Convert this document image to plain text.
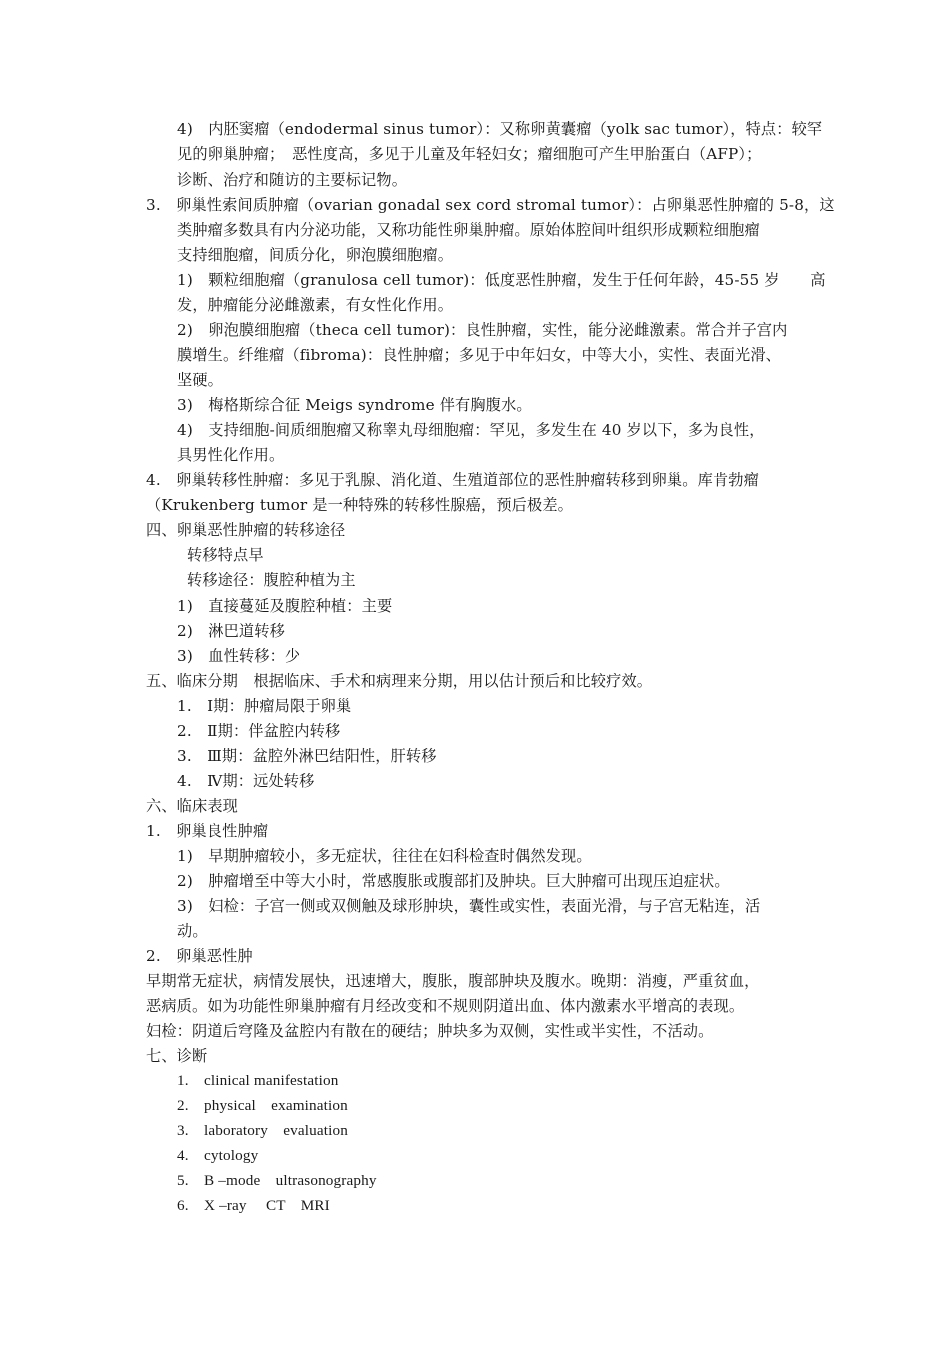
4)　内胚窦瘤（endodermal sinus tumor）：又称卵黄囊瘤（yolk sac tumor），特点：较罕
见的卵巢肿瘤；　恶性度高，多见于儿童及年轻妇女；瘤细胞可产生甲胎蛋白（AFP）；
诊断、治疗和随访的主要标记物。
3.　卵巢性索间质肿瘤（ovarian gonadal sex cord stromal tumor）：占卵巢恶性肿瘤的 5-8，这
类肿瘤多数具有内分泌功能，又称功能性卵巢肿瘤。原始体腔间叶组织形成颗粒细胞瘤
支持细胞瘤，间质分化，卵泡膜细胞瘤。
1)　颗粒细胞瘤（granulosa cell tumor)：低度恶性肿瘤，发生于任何年龄，45-55 岁　　高
发，肿瘤能分泌雌激素，有女性化作用。
2)　卵泡膜细胞瘤（theca cell tumor)：良性肿瘤，实性，能分泌雌激素。常合并子宫内
膜增生。纤维瘤（fibroma)：良性肿瘤；多见于中年妇女，中等大小，实性、表面光滑、
坚硬。
3)　梅格斯综合征 Meigs syndrome 伴有胸腹水。
4)　支持细胞-间质细胞瘤又称睾丸母细胞瘤：罕见，多发生在 40 岁以下，多为良性，
具男性化作用。
4.　卵巢转移性肿瘤：多见于乳腺、消化道、生殖道部位的恶性肿瘤转移到卵巢。库肯勃瘤
（Krukenberg tumor 是一种特殊的转移性腺癌，预后极差。
四、卵巢恶性肿瘤的转移途径
转移特点早
转移途径：腹腔种植为主
1)　直接蔓延及腹腔种植：主要
2)　淋巴道转移
3)　血性转移：少
五、临床分期　根据临床、手术和病理来分期，用以估计预后和比较疗效。
1.　Ⅰ期：肿瘤局限于卵巢
2.　Ⅱ期：伴盆腔内转移
3.　Ⅲ期：盆腔外淋巴结阳性，肝转移
4.　Ⅳ期：远处转移
六、临床表现
1.　卵巢良性肿瘤
1)　早期肿瘤较小，多无症状，往往在妇科检查时偶然发现。
2)　肿瘤增至中等大小时，常感腹胀或腹部扪及肿块。巨大肿瘤可出现压迫症状。
3)　妇检：子宫一侧或双侧触及球形肿块，囊性或实性，表面光滑，与子宫无粘连，活
动。
2.　卵巢恶性肿
早期常无症状，病情发展快，迅速增大，腹胀，腹部肿块及腹水。晚期：消瘦，严重贫血，
恶病质。如为功能性卵巢肿瘤有月经改变和不规则阴道出血、体内激素水平增高的表现。
妇检：阴道后穹隆及盆腔内有散在的硬结；肿块多为双侧，实性或半实性，不活动。
七、诊断
1.　clinical manifestation
2.　physical　examination
3.　laboratory　evaluation
4.　cytology
5.　B –mode　ultrasonography
6.　X –ray　 CT　MRI
